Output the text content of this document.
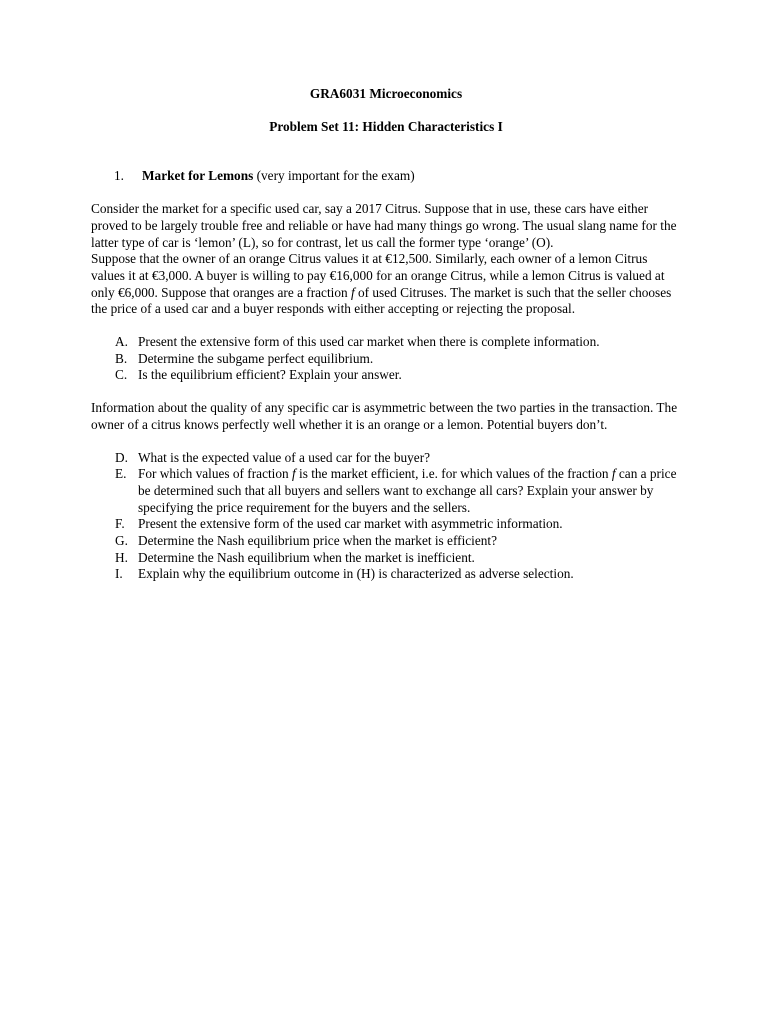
GRA6031 Microeconomics

Problem Set 11: Hidden Characteristics I

1.	Market for Lemons (very important for the exam)

Consider the market for a specific used car, say a 2017 Citrus. Suppose that in use, these cars have either proved to be largely trouble free and reliable or have had many things go wrong. The usual slang name for the latter type of car is ‘lemon’ (L), so for contrast, let us call the former type ‘orange’ (O).

Suppose that the owner of an orange Citrus values it at €12,500. Similarly, each owner of a lemon Citrus values it at €3,000. A buyer is willing to pay €16,000 for an orange Citrus, while a lemon Citrus is valued at only €6,000. Suppose that oranges are a fraction f of used Citruses. The market is such that the seller chooses the price of a used car and a buyer responds with either accepting or rejecting the proposal.

A. Present the extensive form of this used car market when there is complete information.
B. Determine the subgame perfect equilibrium.
C. Is the equilibrium efficient? Explain your answer.

Information about the quality of any specific car is asymmetric between the two parties in the transaction. The owner of a citrus knows perfectly well whether it is an orange or a lemon. Potential buyers don’t.

D. What is the expected value of a used car for the buyer?
E. For which values of fraction f is the market efficient, i.e. for which values of the fraction f can a price be determined such that all buyers and sellers want to exchange all cars? Explain your answer by specifying the price requirement for the buyers and the sellers.
F.	Present the extensive form of the used car market with asymmetric information.
G. Determine the Nash equilibrium price when the market is efficient?
H. Determine the Nash equilibrium when the market is inefficient.
I.	Explain why the equilibrium outcome in (H) is characterized as adverse selection.
